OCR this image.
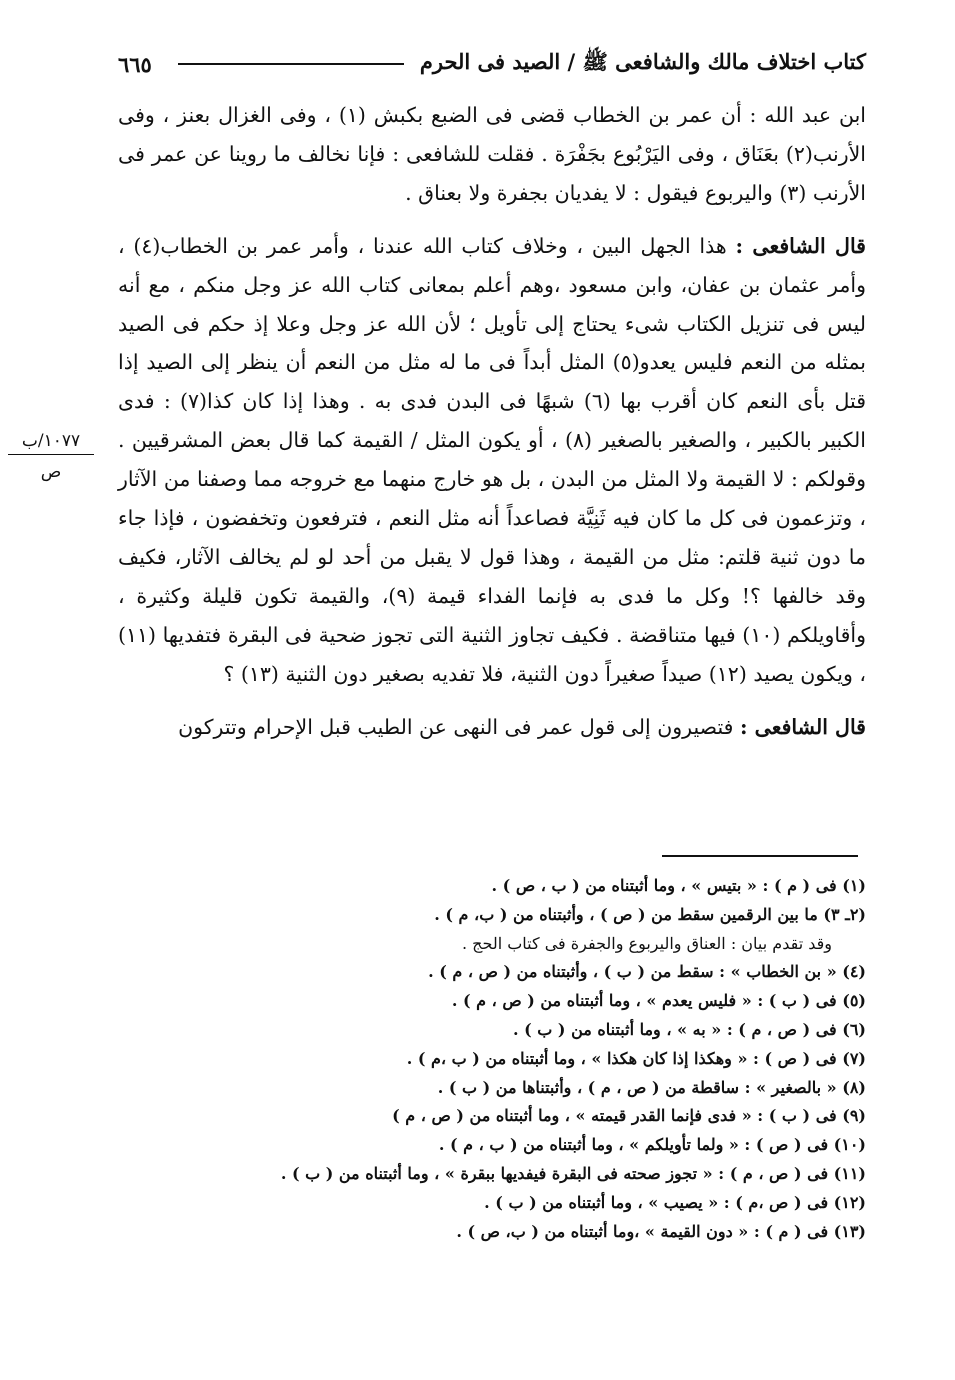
كتاب اختلاف مالك والشافعى ﷺ / الصيد فى الحرم
٦٦٥
١٠٧٧/ب
ص

ابن عبد الله : أن عمر بن الخطاب قضى فى الضبع بكبش (١) ، وفى الغزال بعنز ، وفى الأرنب(٢) بعَنَاق ، وفى اليَرْبُوع بجَفْرَة . فقلت للشافعى : فإنا نخالف ما روينا عن عمر فى الأرنب (٣) واليربوع فيقول : لا يفديان بجفرة ولا بعناق .

قال الشافعى : هذا الجهل البين ، وخلاف كتاب الله عندنا ، وأمر عمر بن الخطاب(٤) ، وأمر عثمان بن عفان، وابن مسعود ،وهم أعلم بمعانى كتاب الله عز وجل منكم ، مع أنه ليس فى تنزيل الكتاب شىء يحتاج إلى تأويل ؛ لأن الله عز وجل وعلا إذ حكم فى الصيد بمثله من النعم فليس يعدو(٥) المثل أبداً فى ما له مثل من النعم أن ينظر إلى الصيد إذا قتل بأى النعم كان أقرب بها (٦) شبهًا فى البدن فدى به . وهذا إذا كان كذا(٧) : فدى الكبير بالكبير ، والصغير بالصغير (٨) ، أو يكون المثل / القيمة كما قال بعض المشرقيين . وقولكم : لا القيمة ولا المثل من البدن ، بل هو خارج منهما مع خروجه مما وصفنا من الآثار ، وتزعمون فى كل ما كان فيه ثَنِيَّة فصاعداً أنه مثل النعم ، فترفعون وتخفضون ، فإذا جاء ما دون ثنية قلتم: مثل من القيمة ، وهذا قول لا يقبل من أحد لو لم يخالف الآثار، فكيف وقد خالفها ؟! وكل ما فدى به فإنما الفداء قيمة (٩)، والقيمة تكون قليلة وكثيرة ، وأقاويلكم (١٠) فيها متناقضة . فكيف تجاوز الثنية التى تجوز ضحية فى البقرة فتفديها (١١) ، ويكون يصيد (١٢) صيداً صغيراً دون الثنية، فلا تفديه بصغير دون الثنية (١٣) ؟

قال الشافعى : فتصيرون إلى قول عمر فى النهى عن الطيب قبل الإحرام وتتركون

(١) فى ( م ) : « بتيس » ، وما أثبتناه من ( ب ، ص ) .
(٢ـ ٣) ما بين الرقمين سقط من ( ص ) ، وأثبتناه من ( ب، م ) .
وقد تقدم بيان : العناق واليربوع والجفرة فى كتاب الحج .
(٤) « بن الخطاب » : سقط من ( ب ) ، وأثبتناه من ( ص ، م ) .
(٥) فى ( ب ) : « فليس يعدم » ، وما أثبتناه من ( ص ، م ) .
(٦) فى ( ص ، م ) : « به » ، وما أثبتناه من ( ب ) .
(٧) فى ( ص ) : « وهكذا إذا كان هكذا » ، وما أثبتناه من ( ب ،م ) .
(٨) « بالصغير » : ساقطة من ( ص ، م ) ، وأثبتناها من ( ب ) .
(٩) فى ( ب ) : « فدى فإنما القدر قيمته » ، وما أثبتناه من ( ص ، م )
(١٠) فى ( ص ) : « ولما تأويلكم » ، وما أثبتناه من ( ب ، م ) .
(١١) فى ( ص ، م ) : « تجوز صحته فى البقرة فيفديها ببقرة » ، وما أثبتناه من ( ب ) .
(١٢) فى ( ص ،م ) : « يصيب » ، وما أثبتناه من ( ب ) .
(١٣) فى ( م ) : « دون القيمة » ،وما أثبتناه من ( ب، ص ) .
